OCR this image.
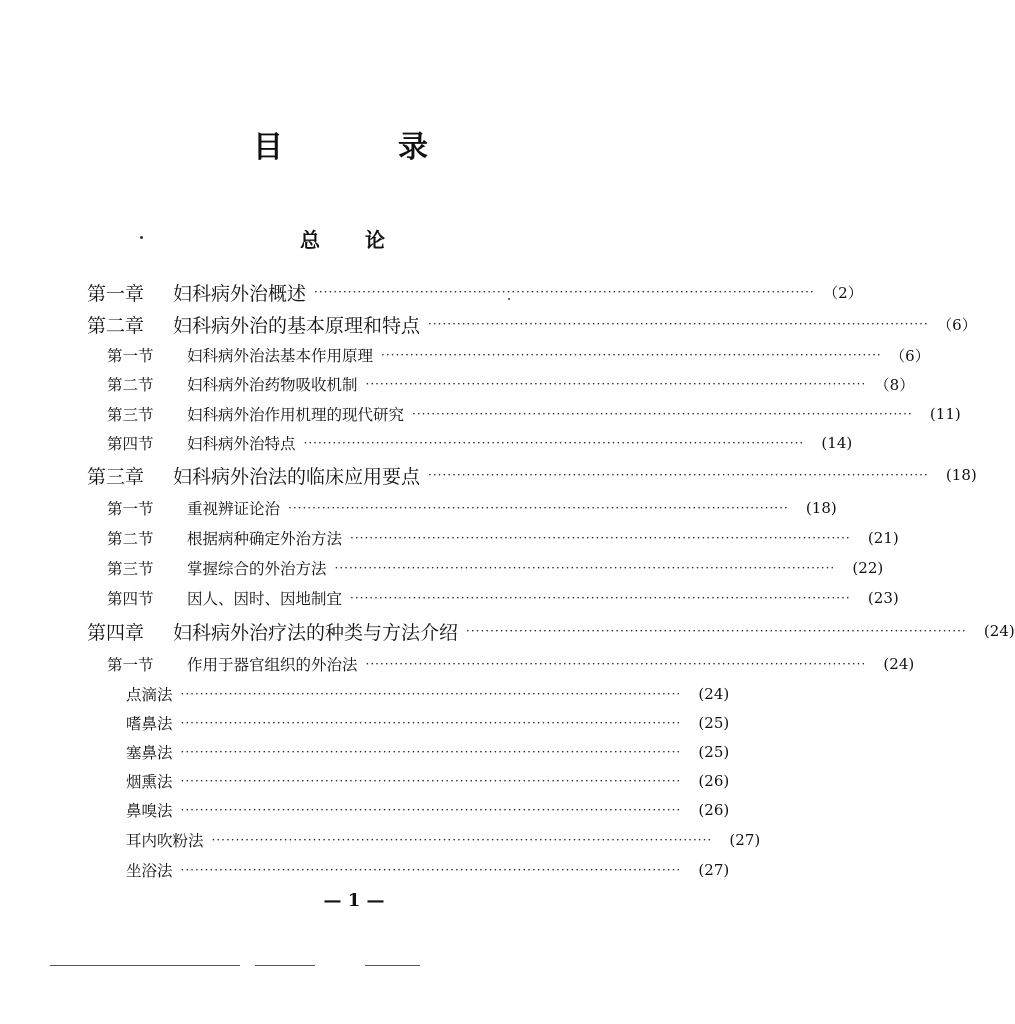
目	录
总 论
第一章	妇科病外治概述 ········································································································ （2）
第二章	妇科病外治的基本原理和特点 ········································································································ （6）
第一节	妇科病外治法基本作用原理 ········································································································ （6）
第二节	妇科病外治药物吸收机制 ········································································································ （8）
第三节	妇科病外治作用机理的现代研究 ········································································································	(11)
第四节	妇科病外治特点 ········································································································	(14)
第三章	妇科病外治法的临床应用要点 ········································································································	(18)
第一节	重视辨证论治 ········································································································	(18)
第二节	根据病种确定外治方法 ········································································································	(21)
第三节	掌握综合的外治方法 ········································································································	(22)
第四节	因人、因时、因地制宜 ········································································································	(23)
第四章	妇科病外治疗法的种类与方法介绍 ········································································································	(24)
第一节	作用于器官组织的外治法 ········································································································	(24)
点滴法 ········································································································	(24)
嗜鼻法 ········································································································	(25)
塞鼻法 ········································································································	(25)
烟熏法 ········································································································	(26)
鼻嗅法 ········································································································	(26)
耳内吹粉法 ········································································································	(27)
坐浴法 ········································································································	(27)
— 1 —
